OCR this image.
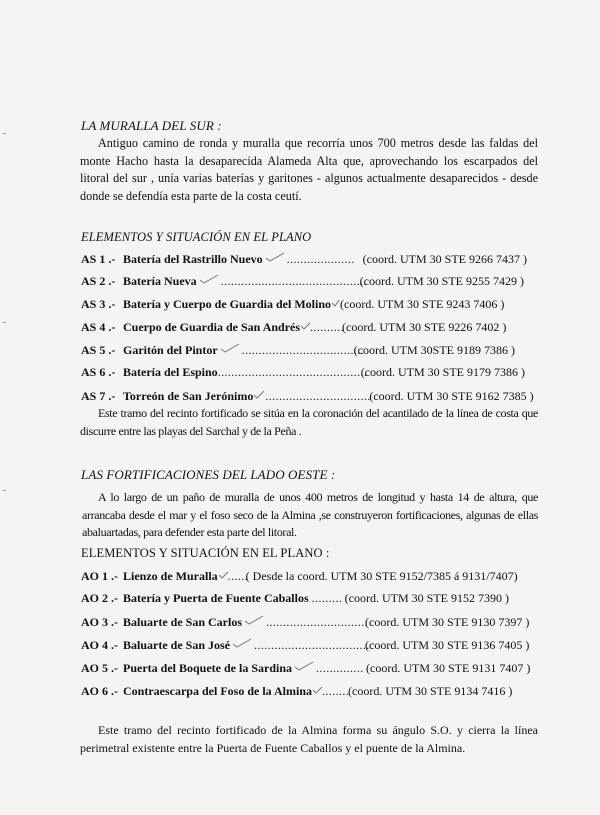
LA MURALLA DEL SUR :
Antiguo camino de ronda y muralla que recorría unos 700 metros desde las faldas del monte Hacho hasta la desaparecida Alameda Alta que, aprovechando los escarpados del litoral del sur , unía varias baterías y garitones - algunos actualmente desaparecidos - desde donde se defendía esta parte de la costa ceutí.
ELEMENTOS Y SITUACIÓN EN EL PLANO
AS 1 .- Batería del Rastrillo Nuevo .................... (coord. UTM 30 STE 9266 7437 )
AS 2 .- Batería Nueva ...........................................
(coord. UTM 30 STE 9255 7429 )
AS 3 .- Batería y Cuerpo de Guardia del Molino (coord. UTM 30 STE 9243 7406 )
AS 4 .- Cuerpo de Guardia de San Andrés ..........
(coord. UTM 30 STE 9226 7402 )
AS 5 .- Garitón del Pintor ....................................
(coord. UTM 30STE 9189 7386 )
AS 6 .- Batería del Espino ............................................
(coord. UTM 30 STE 9179 7386 )
AS 7 .- Torreón de San Jerónimo ...............................
(coord. UTM 30 STE 9162 7385 )
Este tramo del recinto fortificado se sitúa en la coronación del acantilado de la línea de costa que discurre entre las playas del Sarchal y de la Peña .
LAS FORTIFICACIONES DEL LADO OESTE :
A lo largo de un paño de muralla de unos 400 metros de longitud y hasta 14 de altura, que arrancaba desde el mar y el foso seco de la Almina ,se construyeron fortificaciones, algunas de ellas abaluartadas, para defender esta parte del litoral.
ELEMENTOS Y SITUACIÓN EN EL PLANO :
AO 1 .- Lienzo de Muralla ......
( Desde la coord. UTM 30 STE 9152/7385 á 9131/7407)
AO 2 .- Batería y Puerta de Fuente Caballos ......... (coord. UTM 30 STE 9152 7390 )
AO 3 .- Baluarte de San Carlos ..............................
(coord. UTM 30 STE 9130 7397 )
AO 4 .- Baluarte de San José ..................................
(coord. UTM 30 STE 9136 7405 )
AO 5 .- Puerta del Boquete de la Sardina .............. (coord. UTM 30 STE 9131 7407 )
AO 6 .- Contraescarpa del Foso de la Almina ........
(coord. UTM 30 STE 9134 7416 )
Este tramo del recinto fortificado de la Almina forma su ángulo S.O. y cierra la línea perimetral existente entre la Puerta de Fuente Caballos y el puente de la Almina.
